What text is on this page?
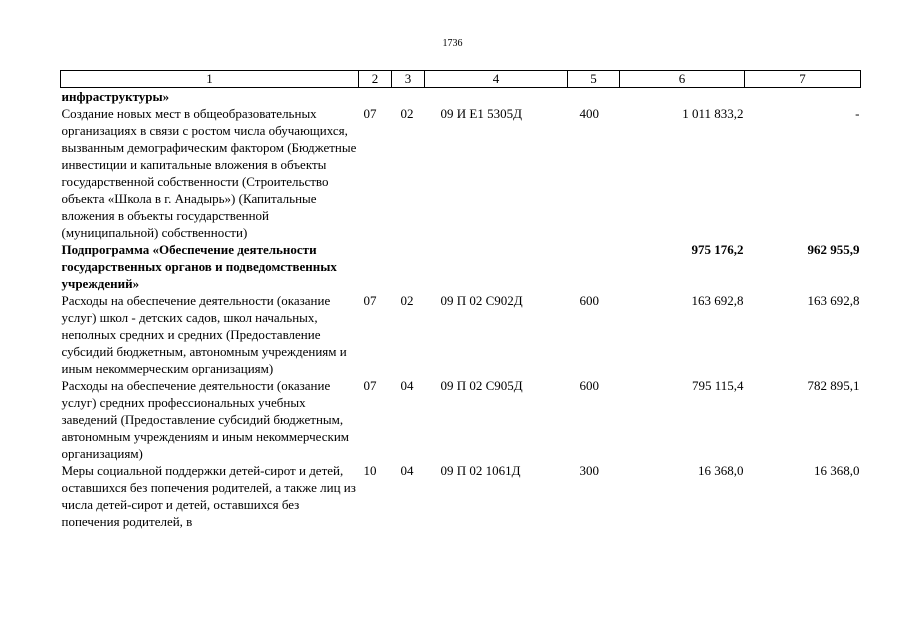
1736
1	2	3	4	5	6	7
инфраструктуры»						
Создание новых мест в общеобразовательных организациях в связи с ростом числа обучающихся, вызванным демографическим фактором (Бюджетные инвестиции и капитальные вложения в объекты государственной собственности (Строительство объекта «Школа в г. Анадырь») (Капитальные вложения в объекты государственной (муниципальной) собственности)	07	02	09 И Е1 5305Д	400	1 011 833,2	-
Подпрограмма «Обеспечение деятельности государственных органов и подведомственных учреждений»					975 176,2	962 955,9
Расходы на обеспечение деятельности (оказание услуг) школ - детских садов, школ начальных, неполных средних и средних (Предоставление субсидий бюджетным, автономным учреждениям и иным некоммерческим организациям)	07	02	09 П 02 С902Д	600	163 692,8	163 692,8
Расходы на обеспечение деятельности (оказание услуг) средних профессиональных учебных заведений (Предоставление субсидий бюджетным, автономным учреждениям и иным некоммерческим организациям)	07	04	09 П 02 С905Д	600	795 115,4	782 895,1
Меры социальной поддержки детей-сирот и детей, оставшихся без попечения родителей, а также лиц из числа детей-сирот и детей, оставшихся без попечения родителей, в	10	04	09 П 02 1061Д	300	16 368,0	16 368,0
